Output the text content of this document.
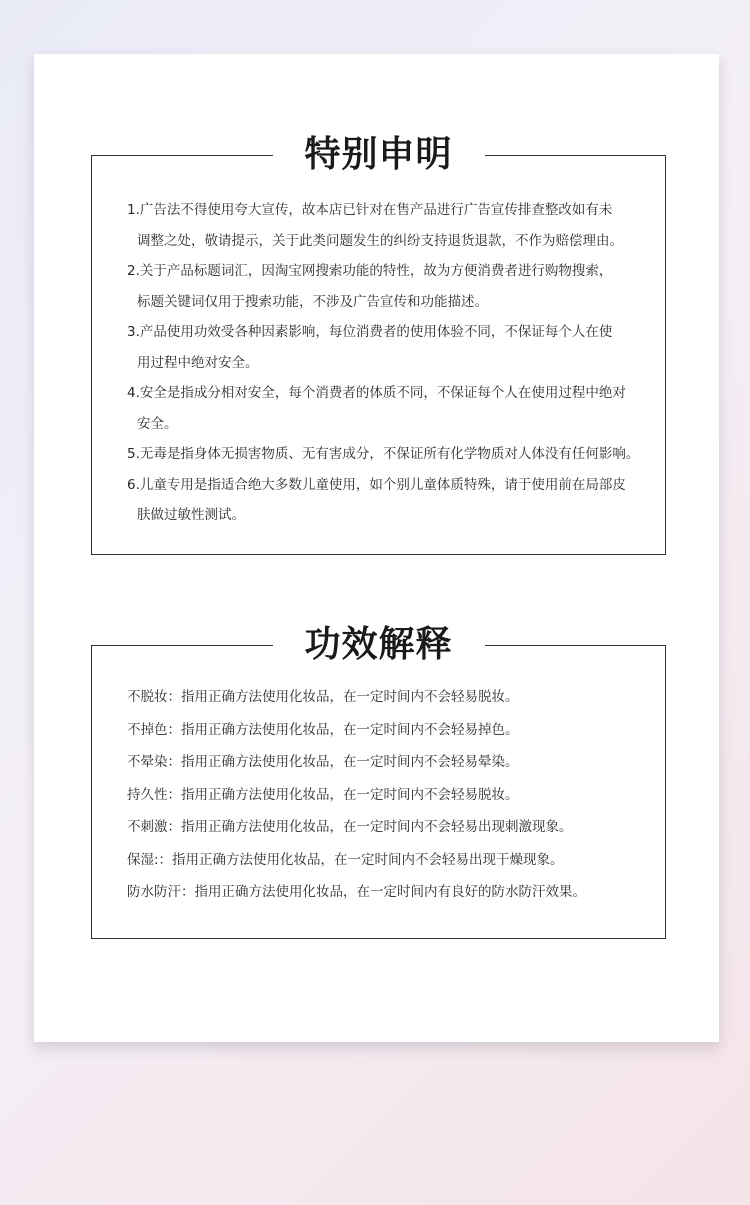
特别申明
1.广告法不得使用夸大宣传，故本店已针对在售产品进行广告宣传排查整改如有未
调整之处，敬请提示，关于此类问题发生的纠纷支持退货退款，不作为赔偿理由。
2.关于产品标题词汇，因淘宝网搜索功能的特性，故为方便消费者进行购物搜索，
标题关键词仅用于搜索功能，不涉及广告宣传和功能描述。
3.产品使用功效受各种因素影响，每位消费者的使用体验不同，不保证每个人在使
用过程中绝对安全。
4.安全是指成分相对安全，每个消费者的体质不同，不保证每个人在使用过程中绝对
安全。
5.无毒是指身体无损害物质、无有害成分，不保证所有化学物质对人体没有任何影响。
6.儿童专用是指适合绝大多数儿童使用，如个别儿童体质特殊，请于使用前在局部皮
肤做过敏性测试。
功效解释
不脱妆：指用正确方法使用化妆品，在一定时间内不会轻易脱妆。
不掉色：指用正确方法使用化妆品，在一定时间内不会轻易掉色。
不晕染：指用正确方法使用化妆品，在一定时间内不会轻易晕染。
持久性：指用正确方法使用化妆品，在一定时间内不会轻易脱妆。
不刺激：指用正确方法使用化妆品，在一定时间内不会轻易出现刺激现象。
保湿:：指用正确方法使用化妆品，在一定时间内不会轻易出现干燥现象。
防水防汗：指用正确方法使用化妆品，在一定时间内有良好的防水防汗效果。
